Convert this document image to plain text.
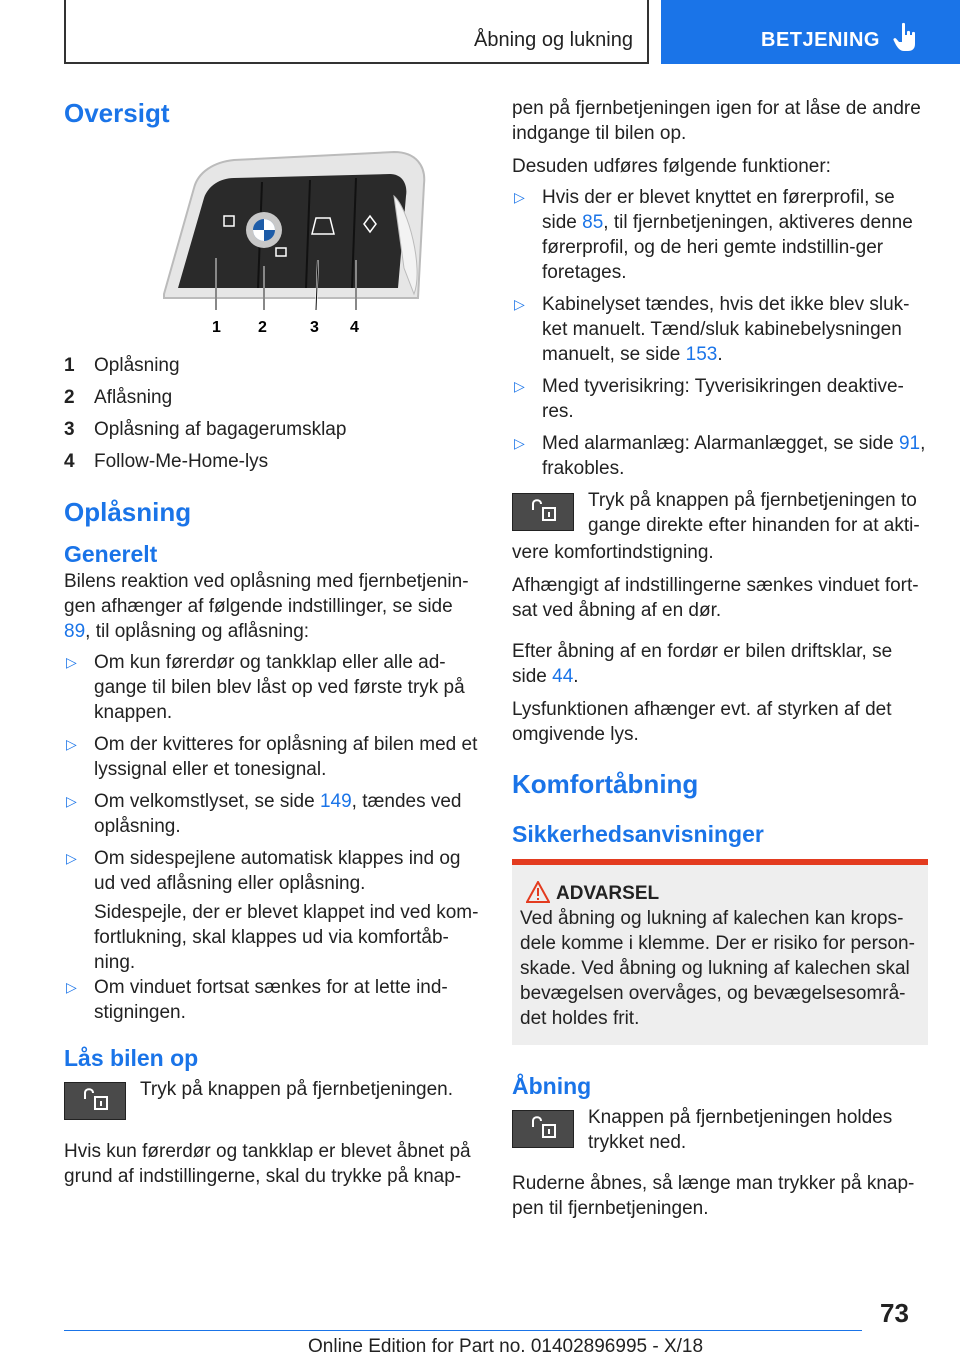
Åbning og lukning	BETJENING

Oversigt

1 2	3 4
1	Oplåsning
2	Aflåsning
3	Oplåsning af bagagerumsklap
4	Follow-Me-Home-lys

Oplåsning

Generelt

Bilens reaktion ved oplåsning med fjernbetjenin-gen afhænger af følgende indstillinger, se side 89, til oplåsning og aflåsning:

▷ Om kun førerdør og tankklap eller alle ad-gange til bilen blev låst op ved første tryk på knappen.
▷ Om der kvitteres for oplåsning af bilen med et lyssignal eller et tonesignal.
▷ Om velkomstlyset, se side 149, tændes ved oplåsning.
▷ Om sidespejlene automatisk klappes ind og ud ved aflåsning eller oplåsning.

Sidespejle, der er blevet klappet ind ved kom-fortlukning, skal klappes ud via komfortåb-ning.

▷ Om vinduet fortsat sænkes for at lette ind-stigningen.

Lås bilen op

Tryk på knappen på fjernbetjeningen.

Hvis kun førerdør og tankklap er blevet åbnet på grund af indstillingerne, skal du trykke på knap-

pen på fjernbetjeningen igen for at låse de andre indgange til bilen op.

Desuden udføres følgende funktioner:

▷ Hvis der er blevet knyttet en førerprofil, se side 85, til fjernbetjeningen, aktiveres denne førerprofil, og de heri gemte indstillin-ger foretages.
▷ Kabinelyset tændes, hvis det ikke blev sluk-ket manuelt. Tænd/sluk kabinebelysningen manuelt, se side 153.
▷ Med tyverisikring: Tyverisikringen deaktive-res.
▷ Med alarmanlæg: Alarmanlægget, se side 91, frakobles.

Tryk på knappen på fjernbetjeningen to gange direkte efter hinanden for at akti-

vere komfortindstigning.

Afhængigt af indstillingerne sænkes vinduet fort-sat ved åbning af en dør.

Efter åbning af en fordør er bilen driftsklar, se side 44.

Lysfunktionen afhænger evt. af styrken af det omgivende lys.

Komfortåbning

Sikkerhedsanvisninger

ADVARSEL

Ved åbning og lukning af kalechen kan krops-dele komme i klemme. Der er risiko for person-skade. Ved åbning og lukning af kalechen skal bevægelsen overvåges, og bevægelsesområ-det holdes frit.

Åbning

Knappen på fjernbetjeningen holdes trykket ned.

Ruderne åbnes, så længe man trykker på knap-pen til fjernbetjeningen.

73
Online Edition for Part no. 01402896995 - X/18
